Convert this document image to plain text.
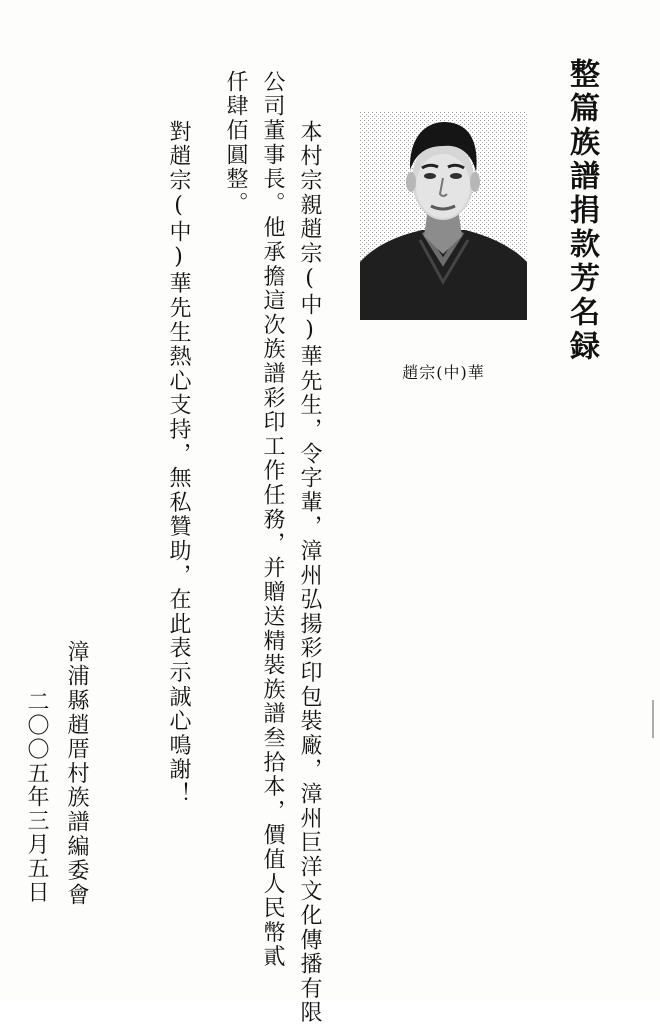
整篇族譜捐款芳名録
趙宗(中)華
本村宗親趙宗(中)華先生，令字輩，漳州弘揚彩印包裝廠，漳州巨洋文化傳播有限
公司董事長。他承擔這次族譜彩印工作任務，并贈送精裝族譜叁拾本，價值人民幣貳
仟肆佰圓整。
對趙宗(中)華先生熱心支持，無私贊助，在此表示誠心鳴謝！
漳浦縣趙厝村族譜編委會
二〇〇五年三月五日
